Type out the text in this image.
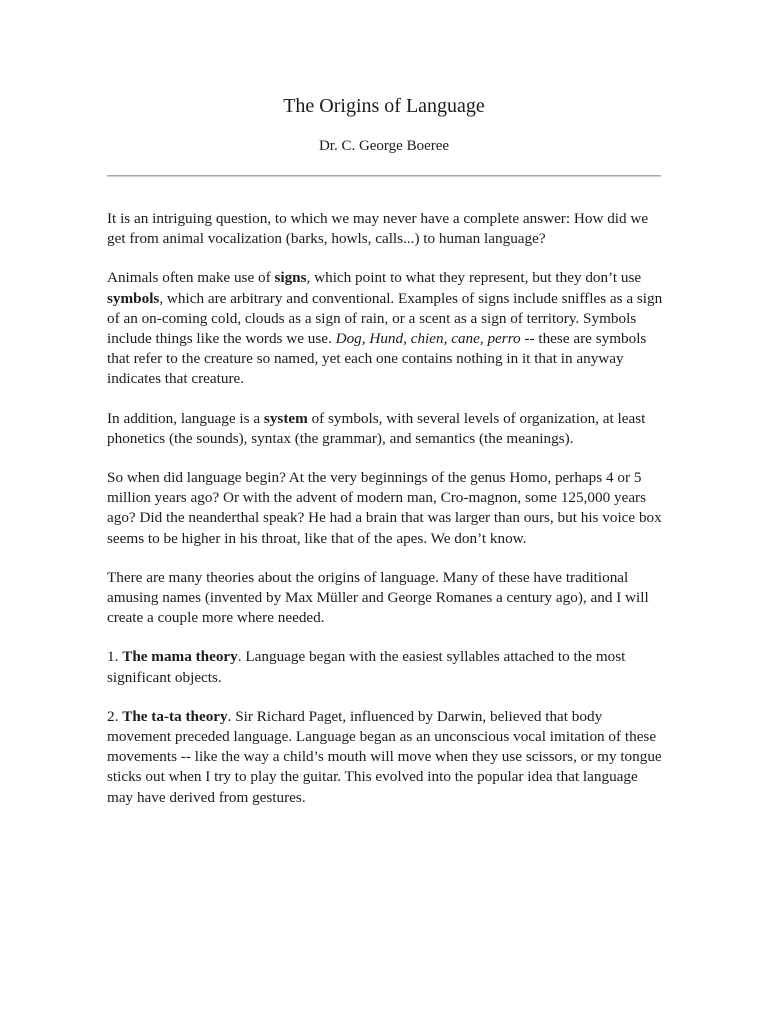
The Origins of Language
Dr. C. George Boeree

It is an intriguing question, to which we may never have a complete answer: How did we get from animal vocalization (barks, howls, calls...) to human language?

Animals often make use of signs, which point to what they represent, but they don’t use symbols, which are arbitrary and conventional. Examples of signs include sniffles as a sign of an on-coming cold, clouds as a sign of rain, or a scent as a sign of territory. Symbols include things like the words we use. Dog, Hund, chien, cane, perro -- these are symbols that refer to the creature so named, yet each one contains nothing in it that in anyway indicates that creature.

In addition, language is a system of symbols, with several levels of organization, at least phonetics (the sounds), syntax (the grammar), and semantics (the meanings).

So when did language begin? At the very beginnings of the genus Homo, perhaps 4 or 5 million years ago? Or with the advent of modern man, Cro-magnon, some 125,000 years ago? Did the neanderthal speak? He had a brain that was larger than ours, but his voice box seems to be higher in his throat, like that of the apes. We don’t know.

There are many theories about the origins of language. Many of these have traditional amusing names (invented by Max Müller and George Romanes a century ago), and I will create a couple more where needed.

1. The mama theory. Language began with the easiest syllables attached to the most significant objects.

2. The ta-ta theory. Sir Richard Paget, influenced by Darwin, believed that body movement preceded language. Language began as an unconscious vocal imitation of these movements -- like the way a child’s mouth will move when they use scissors, or my tongue sticks out when I try to play the guitar. This evolved into the popular idea that language may have derived from gestures.
